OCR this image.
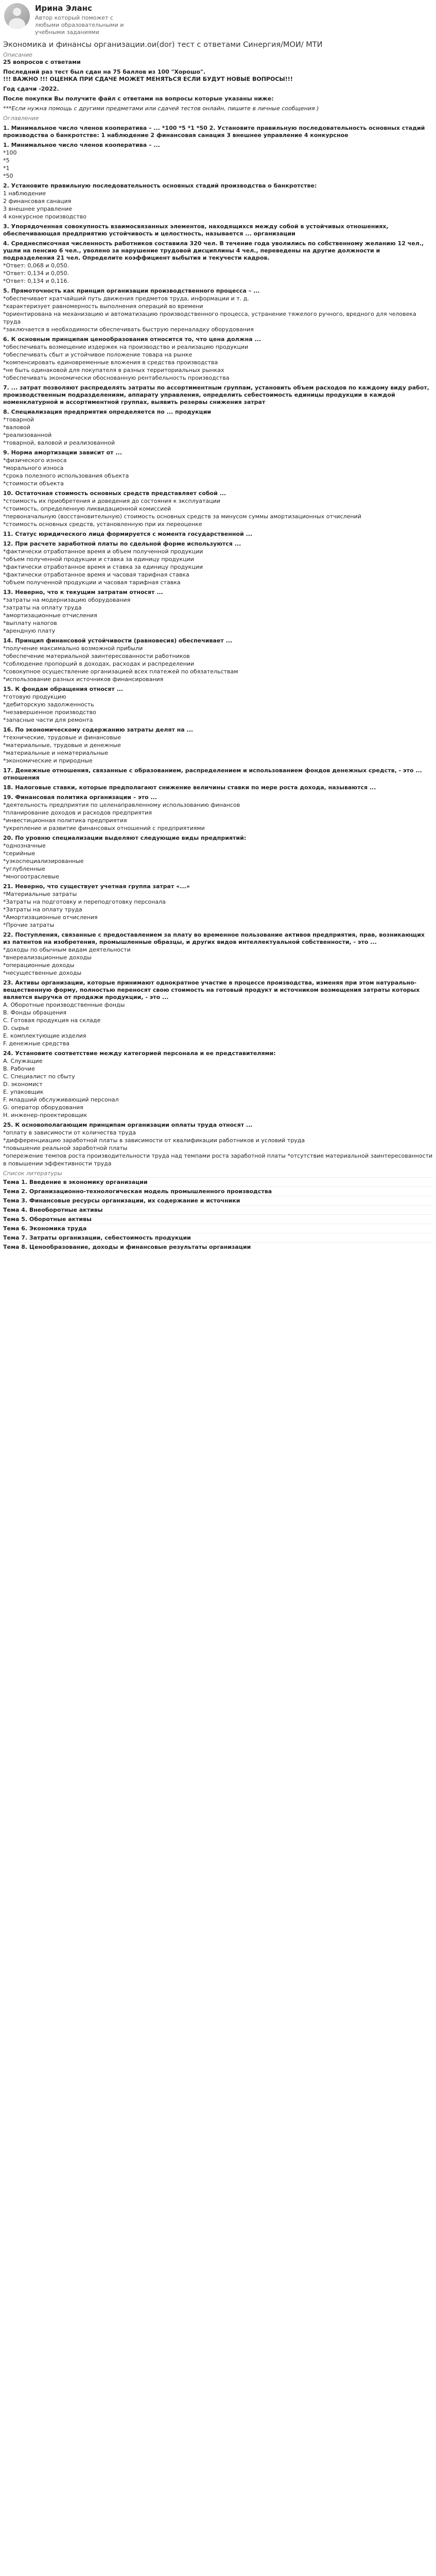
Ирина Эланс
Автор который поможет с любыми образовательными и учебными заданиями
Экономика и финансы организации.ои(dor) тест с ответами Синергия/МОИ/ МТИ
Описание

25 вопросов с ответами

Последний раз тест был сдан на 75 баллов из 100 "Хорошо".

!!! ВАЖНО !!! ОЦЕНКА ПРИ СДАЧЕ МОЖЕТ МЕНЯТЬСЯ ЕСЛИ БУДУТ НОВЫЕ ВОПРОСЫ!!!

Год сдачи -2022.

После покупки Вы получите файл с ответами на вопросы которые указаны ниже:

***Если нужна помощь с другими предметами или сдачей тестов онлайн, пишите в личные сообщения )

Оглавление

1. Минимальное число членов кооператива – ... *100 *5 *1 *50 2. Установите правильную последовательность основных стадий производства о банкротстве: 1 наблюдение 2 финансовая санация 3 внешнее управление 4 конкурсное

1. Минимальное число членов кооператива – ...

*100

*5

*1

*50

2. Установите правильную последовательность основных стадий производства о банкротстве:

1 наблюдение

2 финансовая санация

3 внешнее управление

4 конкурсное производство

3. Упорядоченная совокупность взаимосвязанных элементов, находящихся между собой в устойчивых отношениях, обеспечивающая предприятию устойчивость и целостность, называется ... организации

4. Среднесписочная численность работников составила 320 чел. В течение года уволились по собственному желанию 12 чел., ушли на пенсию 6 чел., уволено за нарушение трудовой дисциплины 4 чел., переведены на другие должности и подразделения 21 чел. Определите коэффициент выбытия и текучести кадров.

*Ответ: 0,068 и 0,050.

*Ответ: 0,134 и 0,050.

*Ответ: 0,134 и 0,116.

5. Прямоточность как принцип организации производственного процесса – ...

*обеспечивает кратчайший путь движения предметов труда, информации и т. д.

*характеризует равномерность выполнения операций во времени

*ориентирована на механизацию и автоматизацию производственного процесса, устранение тяжелого ручного, вредного для человека труда

*заключается в необходимости обеспечивать быструю переналадку оборудования

6. К основным принципам ценообразования относится то, что цена должна ...

*обеспечивать возмещение издержек на производство и реализацию продукции

*обеспечивать сбыт и устойчивое положение товара на рынке

*компенсировать единовременные вложения в средства производства

*не быть одинаковой для покупателя в разных территориальных рынках

*обеспечивать экономически обоснованную рентабельность производства

7. ... затрат позволяют распределять затраты по ассортиментным группам, установить объем расходов по каждому виду работ, производственным подразделениям, аппарату управления, определить себестоимость единицы продукции в каждой номенклатурной и ассортиментной группах, выявить резервы снижения затрат

8. Специализация предприятия определяется по ... продукции

*товарной

*валовой

*реализованной

*товарной, валовой и реализованной

9. Норма амортизации зависит от ...

*физического износа

*морального износа

*срока полезного использования объекта

*стоимости объекта

10. Остаточная стоимость основных средств представляет собой ...

*стоимость их приобретения и доведения до состояния к эксплуатации

*стоимость, определенную ликвидационной комиссией

*первоначальную (восстановительную) стоимость основных средств за минусом суммы амортизационных отчислений

*стоимость основных средств, установленную при их переоценке

11. Статус юридического лица формируется с момента государственной ...

12. При расчете заработной платы по сдельной форме используются ...

*фактически отработанное время и объем полученной продукции

*объем полученной продукции и ставка за единицу продукции

*фактически отработанное время и ставка за единицу продукции

*фактически отработанное время и часовая тарифная ставка

*объем полученной продукции и часовая тарифная ставка

13. Неверно, что к текущим затратам относят ...

*затраты на модернизацию оборудования

*затраты на оплату труда

*амортизационные отчисления

*выплату налогов

*арендную плату

14. Принцип финансовой устойчивости (равновесия) обеспечивает ...

*получение максимально возможной прибыли

*обеспечение материальной заинтересованности работников

*соблюдение пропорций в доходах, расходах и распределении

*совокупное осуществление организацией всех платежей по обязательствам

*использование разных источников финансирования

15. К фондам обращения относят ...

*готовую продукцию

*дебиторскую задолженность

*незавершенное производство

*запасные части для ремонта

16. По экономическому содержанию затраты делят на ...

*технические, трудовые и финансовые

*материальные, трудовые и денежные

*материальные и нематериальные

*экономические и природные

17. Денежные отношения, связанные с образованием, распределением и использованием фондов денежных средств, - это ... отношения

18. Налоговые ставки, которые предполагают снижение величины ставки по мере роста дохода, называются ...

19. Финансовая политика организации – это ...

*деятельность предприятия по целенаправленному использованию финансов

*планирование доходов и расходов предприятия

*инвестиционная политика предприятия

*укрепление и развитие финансовых отношений с предприятиями

20. По уровню специализации выделяют следующие виды предприятий:

*однозначные

*серийные

*узкоспециализированные

*углубленные

*многоотраслевые

21. Неверно, что существует учетная группа затрат «...»

*Материальные затраты

*Затраты на подготовку и переподготовку персонала

*Затраты на оплату труда

*Амортизационные отчисления

*Прочие затраты

22. Поступления, связанные с предоставлением за плату во временное пользование активов предприятия, прав, возникающих из патентов на изобретения, промышленные образцы, и других видов интеллектуальной собственности, - это ...

*доходы по обычным видам деятельности

*внереализационные доходы

*операционные доходы

*несущественные доходы

23. Активы организации, которые принимают однократное участие в процессе производства, изменяя при этом натурально-вещественную форму, полностью переносят свою стоимость на готовый продукт и источником возмещения затраты которых является выручка от продажи продукции, - это ...

А. Оборотные производственные фонды

B. Фонды обращения

С. Готовая продукция на складе

D. сырье

E. комплектующие изделия

F. денежные средства

24. Установите соответствие между категорией персонала и ее представителями:

A. Служащие

B. Рабочие

C. Специалист по сбыту

D. экономист

E. упаковщик

F. младший обслуживающий персонал

G. оператор оборудования

H. инженер-проектировщик

25. К основополагающим принципам организации оплаты труда относят ...

*оплату в зависимости от количества труда

*дифференциацию заработной платы в зависимости от квалификации работников и условий труда

*повышение реальной заработной платы

*опережение темпов роста производительности труда над темпами роста заработной платы *отсутствие материальной заинтересованности в повышении эффективности труда

Список литературы

Тема 1. Введение в экономику организации

Тема 2. Организационно-технологическая модель промышленного производства

Тема 3. Финансовые ресурсы организации, их содержание и источники

Тема 4. Внеоборотные активы

Тема 5. Оборотные активы

Тема 6. Экономика труда

Тема 7. Затраты организации, себестоимость продукции

Тема 8. Ценообразование, доходы и финансовые результаты организации
